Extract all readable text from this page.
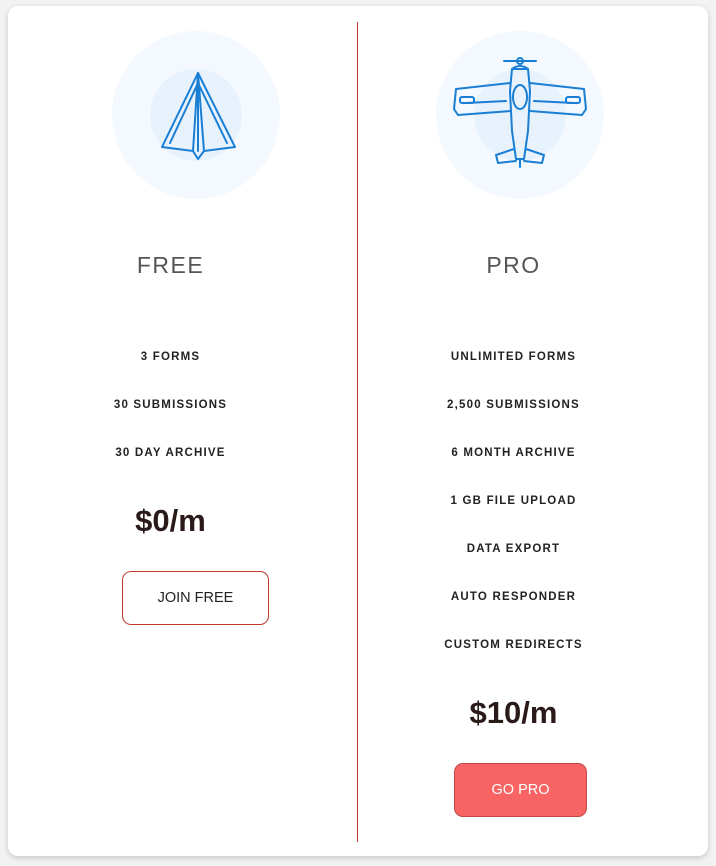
FREE
3 FORMS
30 SUBMISSIONS
30 DAY ARCHIVE
$0/m
JOIN FREE
PRO
UNLIMITED FORMS
2,500 SUBMISSIONS
6 MONTH ARCHIVE
1 GB FILE UPLOAD
DATA EXPORT
AUTO RESPONDER
CUSTOM REDIRECTS
$10/m
GO PRO
